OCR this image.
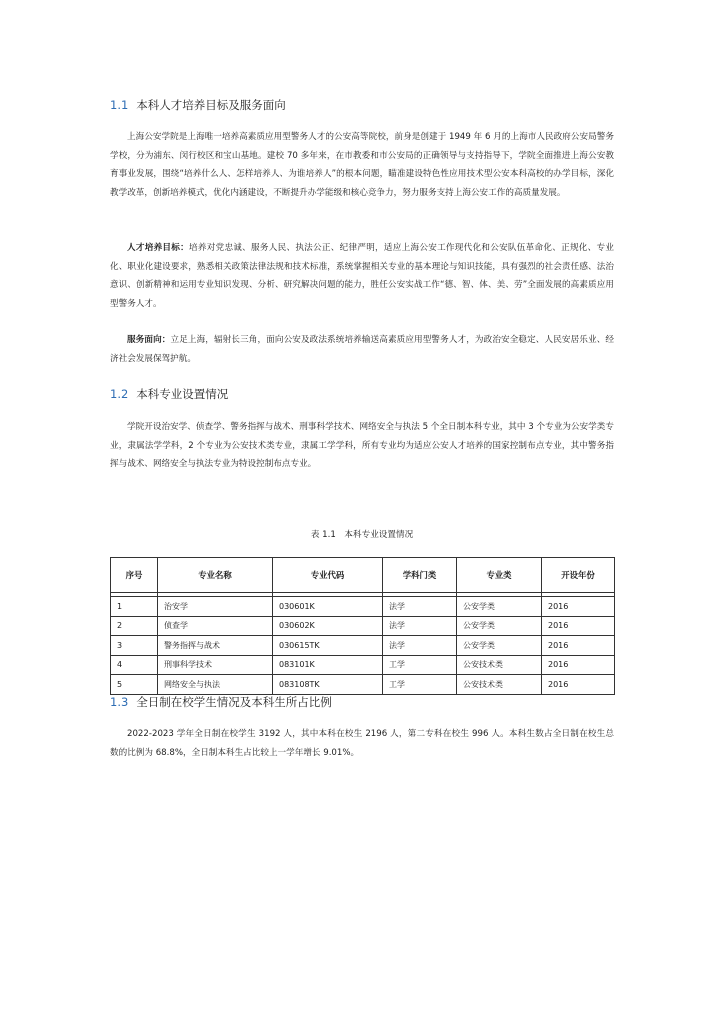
1.1 本科人才培养目标及服务面向

上海公安学院是上海唯一培养高素质应用型警务人才的公安高等院校，前身是创建于 1949 年 6 月的上海市人民政府公安局警务学校，分为浦东、闵行校区和宝山基地。建校 70 多年来，在市教委和市公安局的正确领导与支持指导下，学院全面推进上海公安教育事业发展，围绕“培养什么人、怎样培养人、为谁培养人”的根本问题，瞄准建设特色性应用技术型公安本科高校的办学目标，深化教学改革，创新培养模式，优化内涵建设，不断提升办学能级和核心竞争力，努力服务支持上海公安工作的高质量发展。

人才培养目标：培养对党忠诚、服务人民、执法公正、纪律严明，适应上海公安工作现代化和公安队伍革命化、正规化、专业化、职业化建设要求，熟悉相关政策法律法规和技术标准，系统掌握相关专业的基本理论与知识技能，具有强烈的社会责任感、法治意识、创新精神和运用专业知识发现、分析、研究解决问题的能力，胜任公安实战工作“德、智、体、美、劳”全面发展的高素质应用型警务人才。

服务面向：立足上海，辐射长三角，面向公安及政法系统培养输送高素质应用型警务人才，为政治安全稳定、人民安居乐业、经济社会发展保驾护航。

1.2 本科专业设置情况

学院开设治安学、侦查学、警务指挥与战术、刑事科学技术、网络安全与执法 5 个全日制本科专业，其中 3 个专业为公安学类专业，隶属法学学科，2 个专业为公安技术类专业，隶属工学学科，所有专业均为适应公安人才培养的国家控制布点专业，其中警务指挥与战术、网络安全与执法专业为特设控制布点专业。

表 1.1　本科专业设置情况
序号	专业名称	专业代码	学科门类	专业类	开设年份

1	治安学	030601K	法学	公安学类	2016
2	侦查学	030602K	法学	公安学类	2016
3	警务指挥与战术	030615TK	法学	公安学类	2016
4	刑事科学技术	083101K	工学	公安技术类	2016
5	网络安全与执法	083108TK	工学	公安技术类	2016
1.3 全日制在校学生情况及本科生所占比例

2022-2023 学年全日制在校学生 3192 人，其中本科在校生 2196 人，第二专科在校生 996 人。本科生数占全日制在校生总数的比例为 68.8%，全日制本科生占比较上一学年增长 9.01%。
